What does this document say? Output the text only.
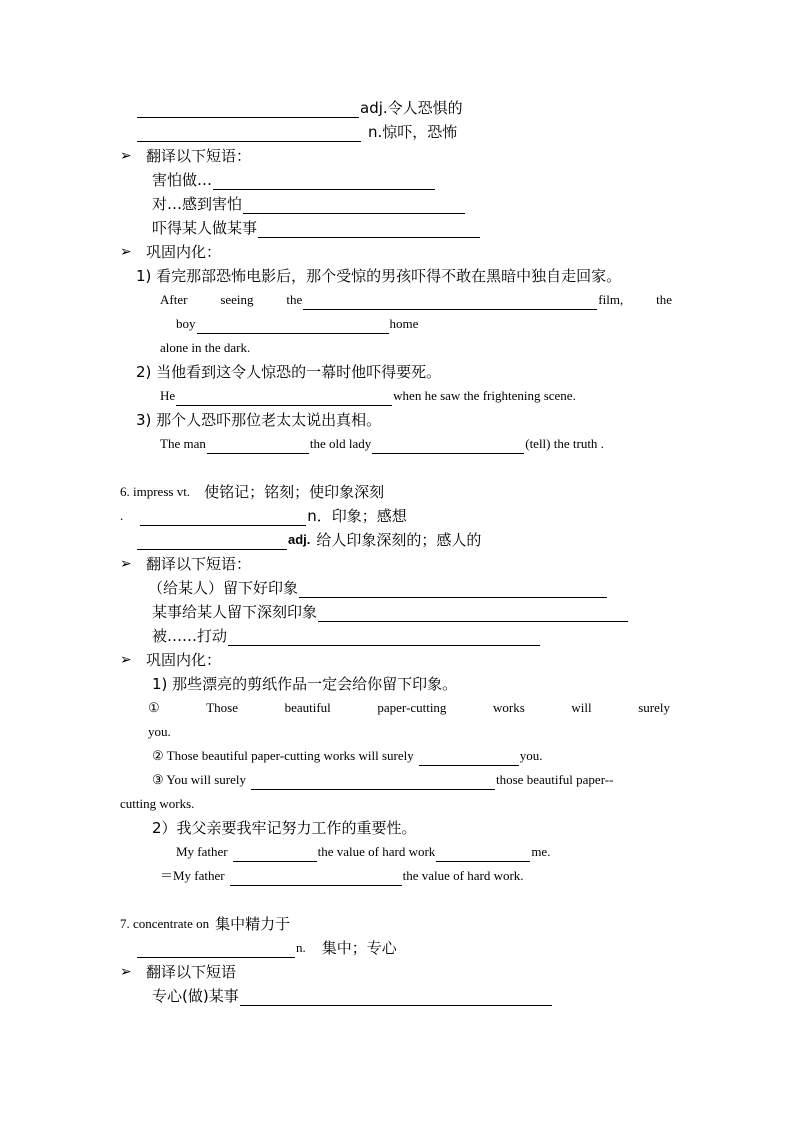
adj.令人恐惧的
n.惊吓，恐怖
➢ 翻译以下短语：
害怕做…
对…感到害怕
吓得某人做某事
➢ 巩固内化：
1) 看完那部恐怖电影后，那个受惊的男孩吓得不敢在黑暗中独自走回家。
After	seeing	the	film,	the
boy	home
alone in the dark.
2) 当他看到这令人惊恐的一幕时他吓得要死。
He	when he saw the frightening scene.
3) 那个人恐吓那位老太太说出真相。
The man	the old lady	(tell) the truth .
6. impress vt. 使铭记；铭刻；使印象深刻
.	n．印象；感想
adj. 给人印象深刻的；感人的
➢ 翻译以下短语：
（给某人）留下好印象
某事给某人留下深刻印象
被……打动
➢ 巩固内化：
1) 那些漂亮的剪纸作品一定会给你留下印象。
①	Those	beautiful	paper-cutting	works	will	surely
you.
② Those beautiful paper-cutting works will surely	you.
③ You will surely	those beautiful paper--
cutting works.
2）我父亲要我牢记努力工作的重要性。
My father	the value of hard work	me.
＝My father	the value of hard work.
7. concentrate on 集中精力于
n. 集中；专心
➢ 翻译以下短语
专心(做)某事
